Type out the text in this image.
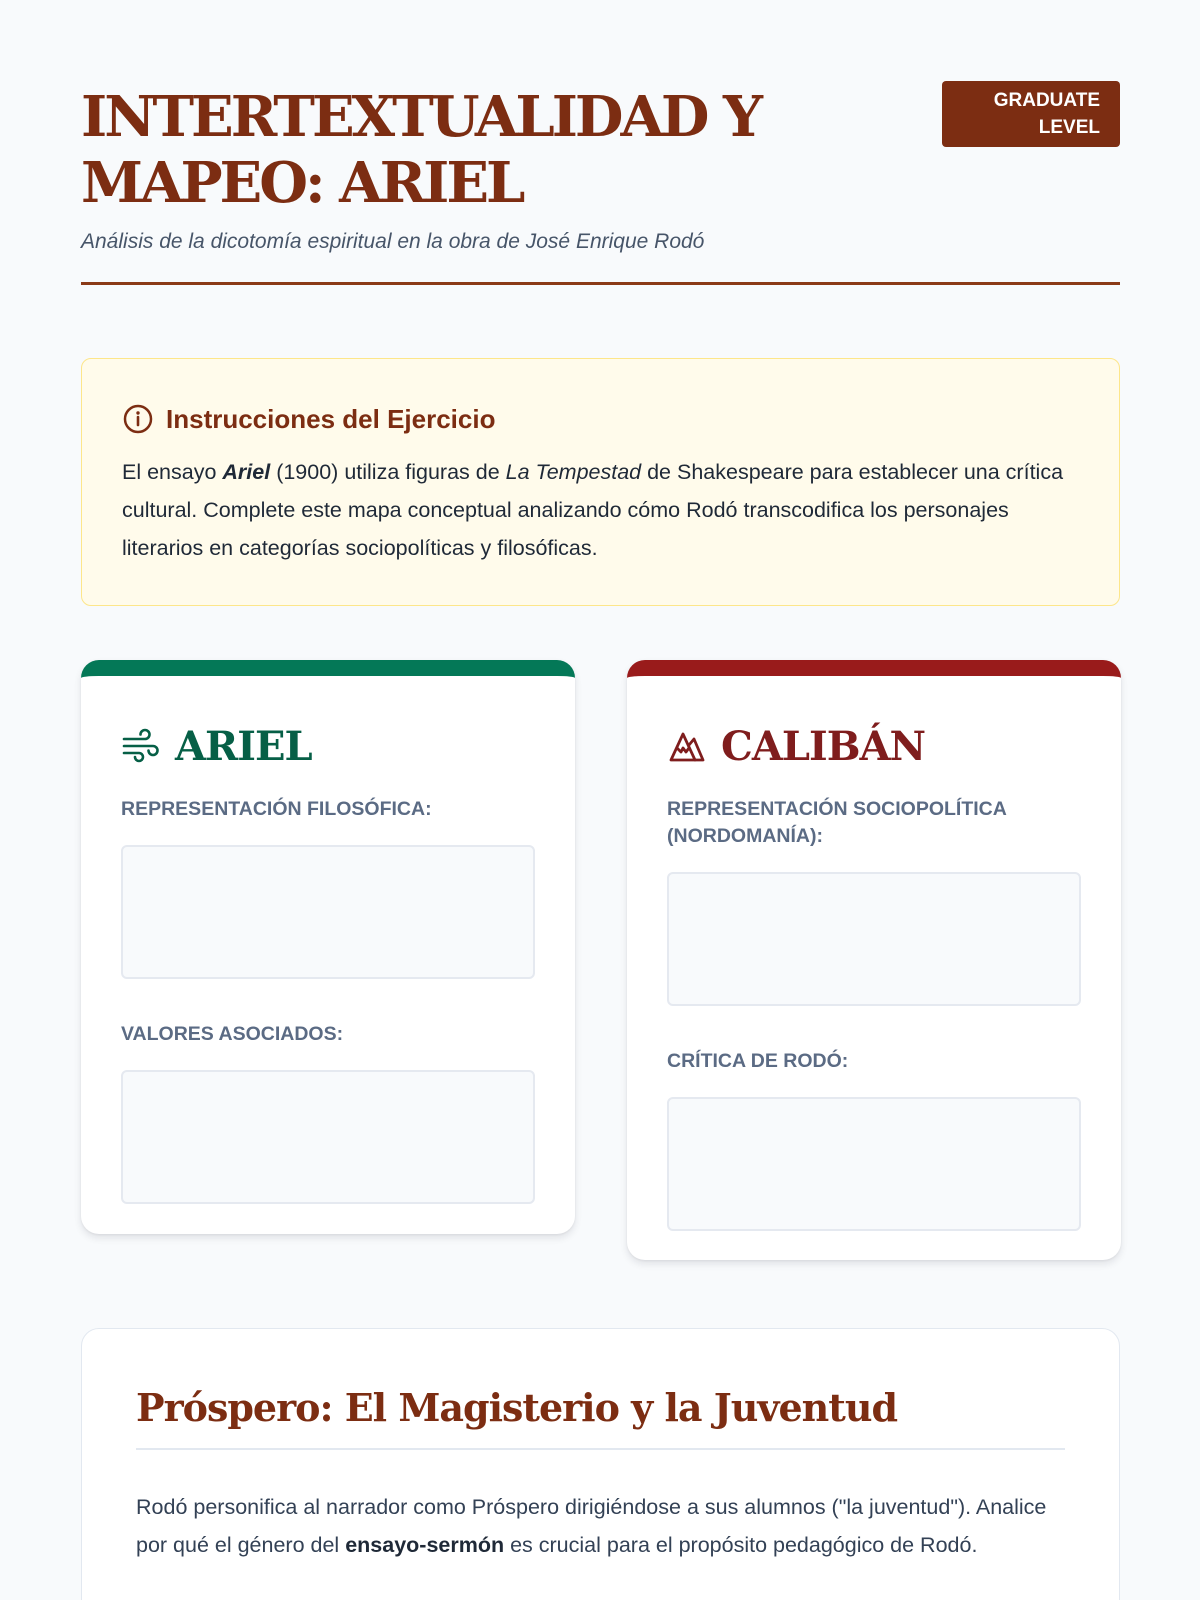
INTERTEXTUALIDAD Y MAPEO: ARIEL
GRADUATE LEVEL

Análisis de la dicotomía espiritual en la obra de José Enrique Rodó

Instrucciones del Ejercicio

El ensayo Ariel (1900) utiliza figuras de La Tempestad de Shakespeare para establecer una crítica cultural. Complete este mapa conceptual analizando cómo Rodó transcodifica los personajes literarios en categorías sociopolíticas y filosóficas.

ARIEL
REPRESENTACIÓN FILOSÓFICA:
VALORES ASOCIADOS:
CALIBÁN
REPRESENTACIÓN SOCIOPOLÍTICA (NORDOMANÍA):
CRÍTICA DE RODÓ:
Próspero: El Magisterio y la Juventud

Rodó personifica al narrador como Próspero dirigiéndose a sus alumnos ("la juventud"). Analice por qué el género del ensayo-sermón es crucial para el propósito pedagógico de Rodó.
